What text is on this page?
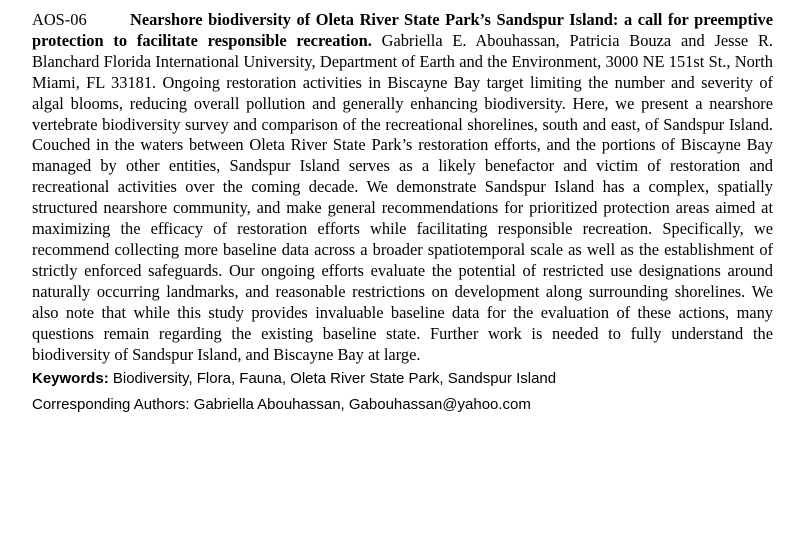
AOS-06	Nearshore biodiversity of Oleta River State Park’s Sandspur Island: a call for preemptive protection to facilitate responsible recreation. Gabriella E. Abouhassan, Patricia Bouza and Jesse R. Blanchard Florida International University, Department of Earth and the Environment, 3000 NE 151st St., North Miami, FL 33181. Ongoing restoration activities in Biscayne Bay target limiting the number and severity of algal blooms, reducing overall pollution and generally enhancing biodiversity. Here, we present a nearshore vertebrate biodiversity survey and comparison of the recreational shorelines, south and east, of Sandspur Island. Couched in the waters between Oleta River State Park’s restoration efforts, and the portions of Biscayne Bay managed by other entities, Sandspur Island serves as a likely benefactor and victim of restoration and recreational activities over the coming decade. We demonstrate Sandspur Island has a complex, spatially structured nearshore community, and make general recommendations for prioritized protection areas aimed at maximizing the efficacy of restoration efforts while facilitating responsible recreation. Specifically, we recommend collecting more baseline data across a broader spatiotemporal scale as well as the establishment of strictly enforced safeguards. Our ongoing efforts evaluate the potential of restricted use designations around naturally occurring landmarks, and reasonable restrictions on development along surrounding shorelines. We also note that while this study provides invaluable baseline data for the evaluation of these actions, many questions remain regarding the existing baseline state. Further work is needed to fully understand the biodiversity of Sandspur Island, and Biscayne Bay at large.

Keywords: Biodiversity, Flora, Fauna, Oleta River State Park, Sandspur Island

Corresponding Authors: Gabriella Abouhassan, Gabouhassan@yahoo.com
